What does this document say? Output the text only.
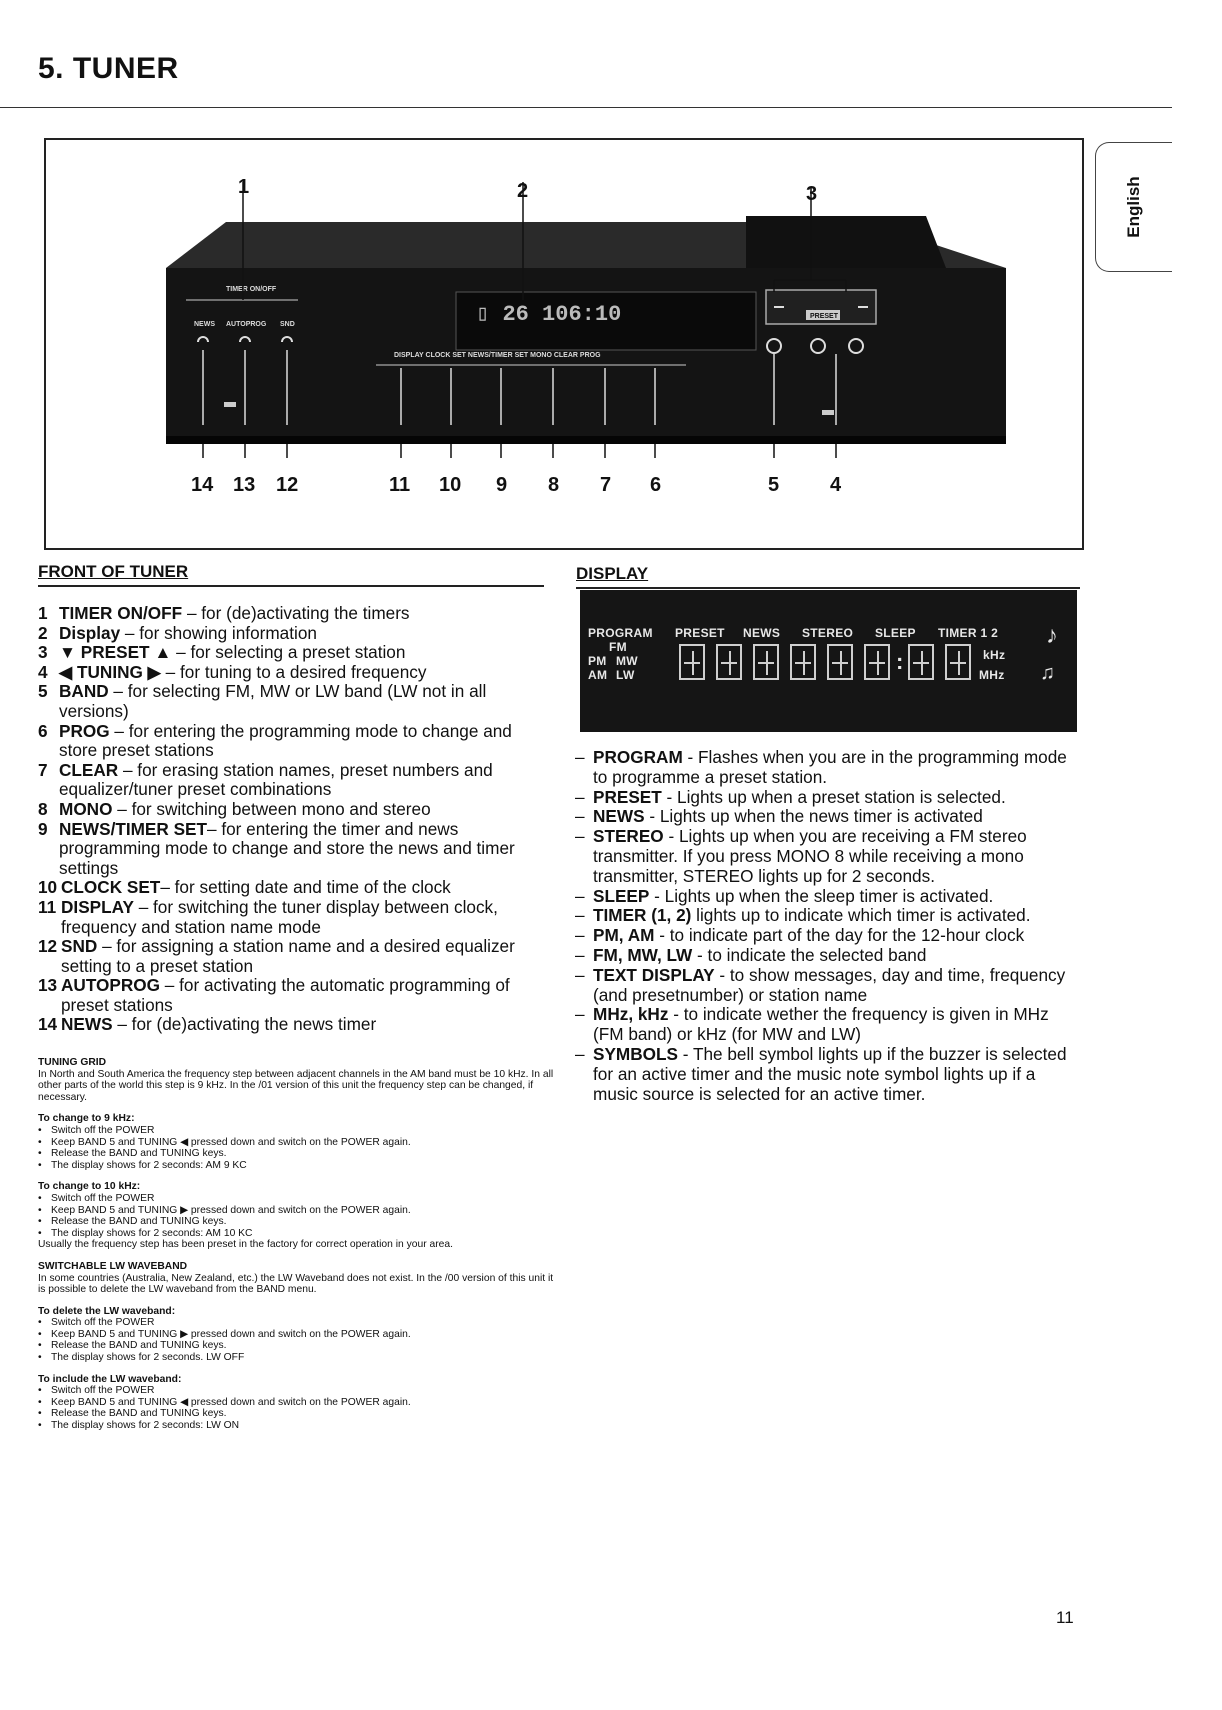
5. TUNER
English
▯ 26 106:10
TIMER ON/OFF
NEWS AUTOPROG SND
DISPLAY CLOCK SET NEWS/TIMER SET MONO CLEAR PROG
PRESET
1	2	3
14 13 12	11 10 9 8 7 6	5	4
FRONT OF TUNER
1 TIMER ON/OFF – for (de)activating the timers
2 Display – for showing information
3 ▼ PRESET ▲ – for selecting a preset station
4 ◀ TUNING ▶ – for tuning to a desired frequency
5 BAND – for selecting FM, MW or LW band (LW not in all versions)
6 PROG – for entering the programming mode to change and store preset stations
7 CLEAR – for erasing station names, preset numbers and equalizer/tuner preset combinations
8 MONO – for switching between mono and stereo
9 NEWS/TIMER SET– for entering the timer and news programming mode to change and store the news and timer settings
10 CLOCK SET– for setting date and time of the clock
11 DISPLAY – for switching the tuner display between clock, frequency and station name mode
12 SND – for assigning a station name and a desired equalizer setting to a preset station
13 AUTOPROG – for activating the automatic programming of preset stations
14 NEWS – for (de)activating the news timer
TUNING GRID
In North and South America the frequency step between adjacent channels in the AM band must be 10 kHz. In all other parts of the world this step is 9 kHz. In the /01 version of this unit the frequency step can be changed, if necessary.
To change to 9 kHz:
• Switch off the POWER
• Keep BAND 5 and TUNING ◀ pressed down and switch on the POWER again.
• Release the BAND and TUNING keys.
• The display shows for 2 seconds: AM 9 KC
To change to 10 kHz:
• Switch off the POWER
• Keep BAND 5 and TUNING ▶ pressed down and switch on the POWER again.
• Release the BAND and TUNING keys.
• The display shows for 2 seconds: AM 10 KC
Usually the frequency step has been preset in the factory for correct operation in your area.
SWITCHABLE LW WAVEBAND
In some countries (Australia, New Zealand, etc.) the LW Waveband does not exist. In the /00 version of this unit it is possible to delete the LW waveband from the BAND menu.
To delete the LW waveband:
• Switch off the POWER
• Keep BAND 5 and TUNING ▶ pressed down and switch on the POWER again.
• Release the BAND and TUNING keys.
• The display shows for 2 seconds. LW OFF
To include the LW waveband:
• Switch off the POWER
• Keep BAND 5 and TUNING ◀ pressed down and switch on the POWER again.
• Release the BAND and TUNING keys.
• The display shows for 2 seconds: LW ON
DISPLAY
PROGRAM PRESET NEWS STEREO SLEEP TIMER 1 2
FM
PM MW
AM LW
:	kHz
MHz
♪
♫
– PROGRAM - Flashes when you are in the programming mode to programme a preset station.
– PRESET - Lights up when a preset station is selected.
– NEWS - Lights up when the news timer is activated
– STEREO - Lights up when you are receiving a FM stereo transmitter. If you press MONO 8 while receiving a mono transmitter, STEREO lights up for 2 seconds.
– SLEEP - Lights up when the sleep timer is activated.
– TIMER (1, 2) lights up to indicate which timer is activated.
– PM, AM - to indicate part of the day for the 12-hour clock
– FM, MW, LW - to indicate the selected band
– TEXT DISPLAY - to show messages, day and time, frequency (and presetnumber) or station name
– MHz, kHz - to indicate wether the frequency is given in MHz (FM band) or kHz (for MW and LW)
– SYMBOLS - The bell symbol lights up if the buzzer is selected for an active timer and the music note symbol lights up if a music source is selected for an active timer.
11
